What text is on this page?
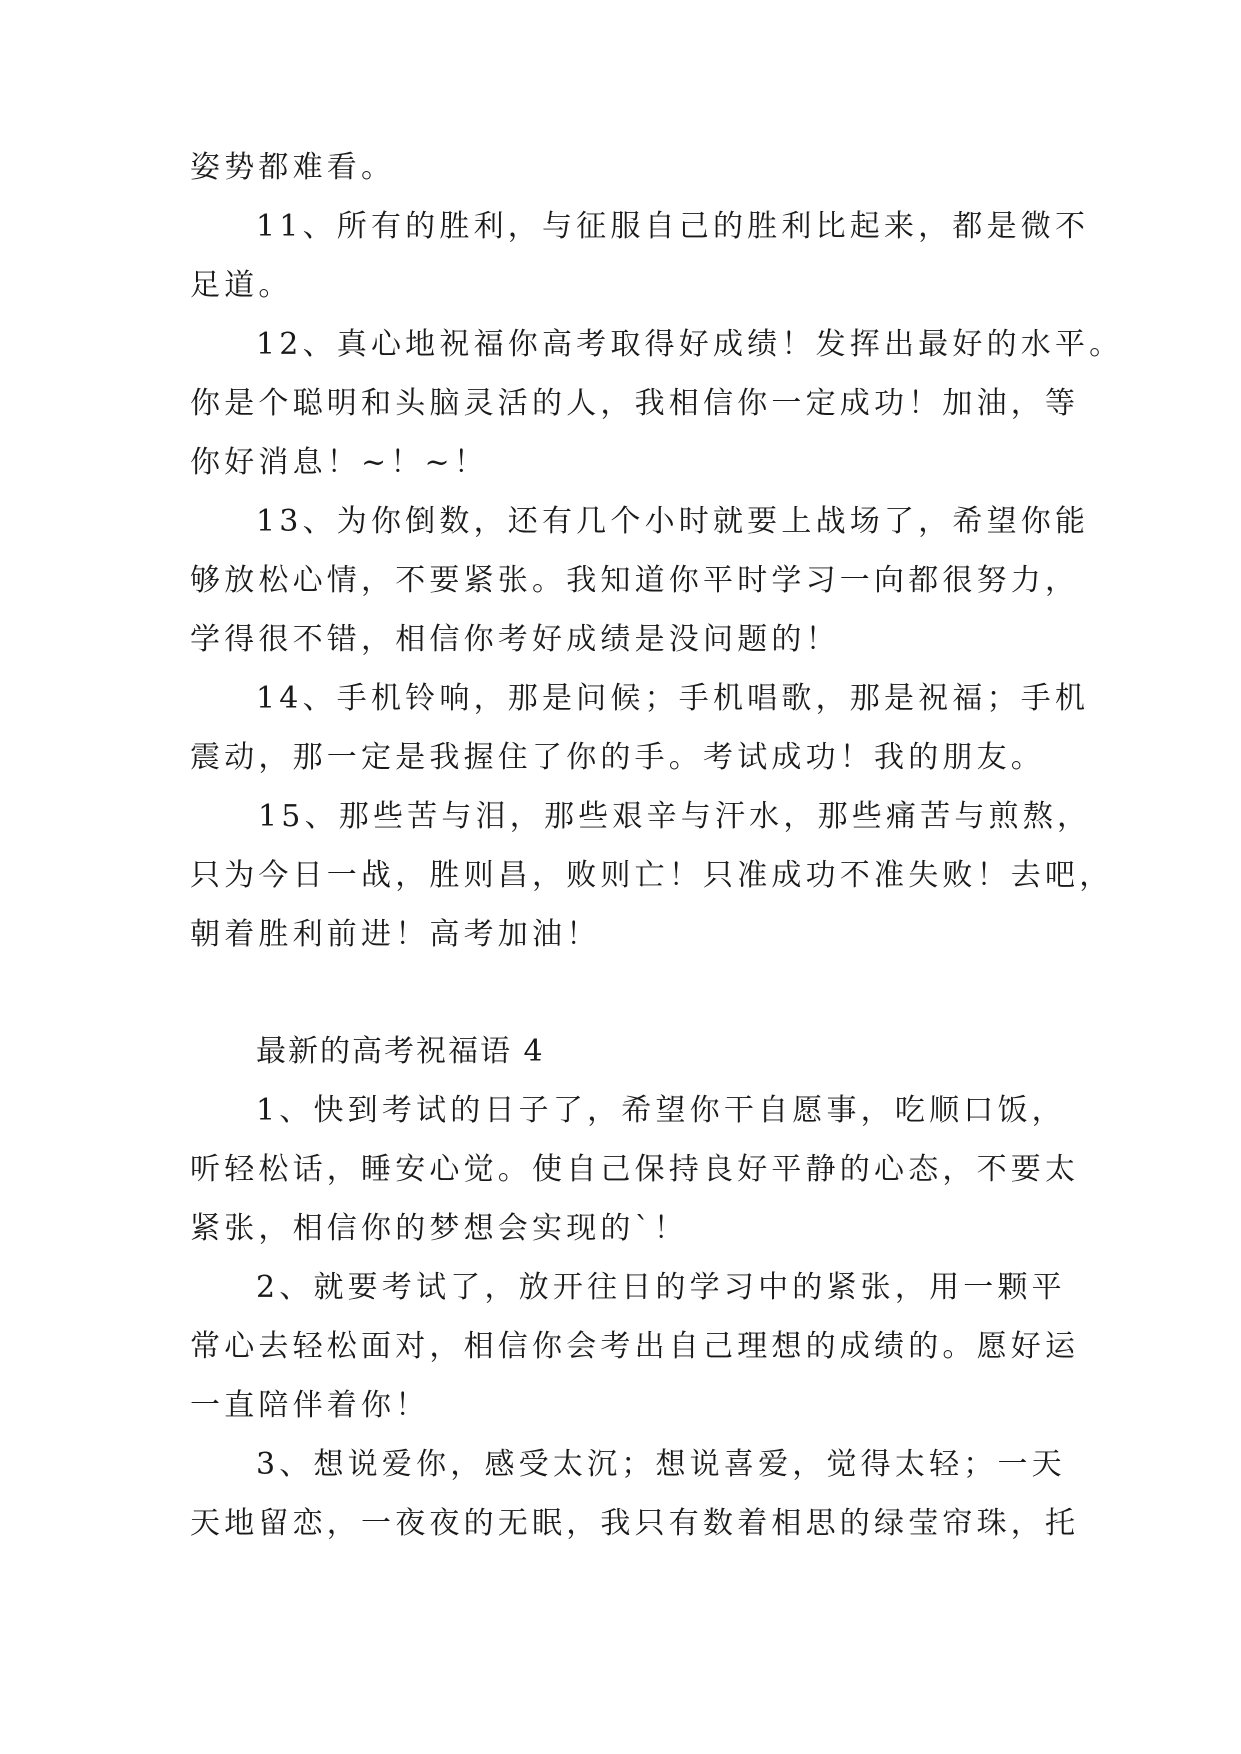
姿势都难看。
11、所有的胜利，与征服自己的胜利比起来，都是微不
足道。
12、真心地祝福你高考取得好成绩！发挥出最好的水平。
你是个聪明和头脑灵活的人，我相信你一定成功！加油，等
你好消息！~！~！
13、为你倒数，还有几个小时就要上战场了，希望你能
够放松心情，不要紧张。我知道你平时学习一向都很努力，
学得很不错，相信你考好成绩是没问题的！
14、手机铃响，那是问候；手机唱歌，那是祝福；手机
震动，那一定是我握住了你的手。考试成功！我的朋友。
15、那些苦与泪，那些艰辛与汗水，那些痛苦与煎熬，
只为今日一战，胜则昌，败则亡！只准成功不准失败！去吧，
朝着胜利前进！高考加油！
最新的高考祝福语 4
1、快到考试的日子了，希望你干自愿事，吃顺口饭，
听轻松话，睡安心觉。使自己保持良好平静的心态，不要太
紧张，相信你的梦想会实现的`！
2、就要考试了，放开往日的学习中的紧张，用一颗平
常心去轻松面对，相信你会考出自己理想的成绩的。愿好运
一直陪伴着你！
3、想说爱你，感受太沉；想说喜爱，觉得太轻；一天
天地留恋，一夜夜的无眠，我只有数着相思的绿莹帘珠，托
